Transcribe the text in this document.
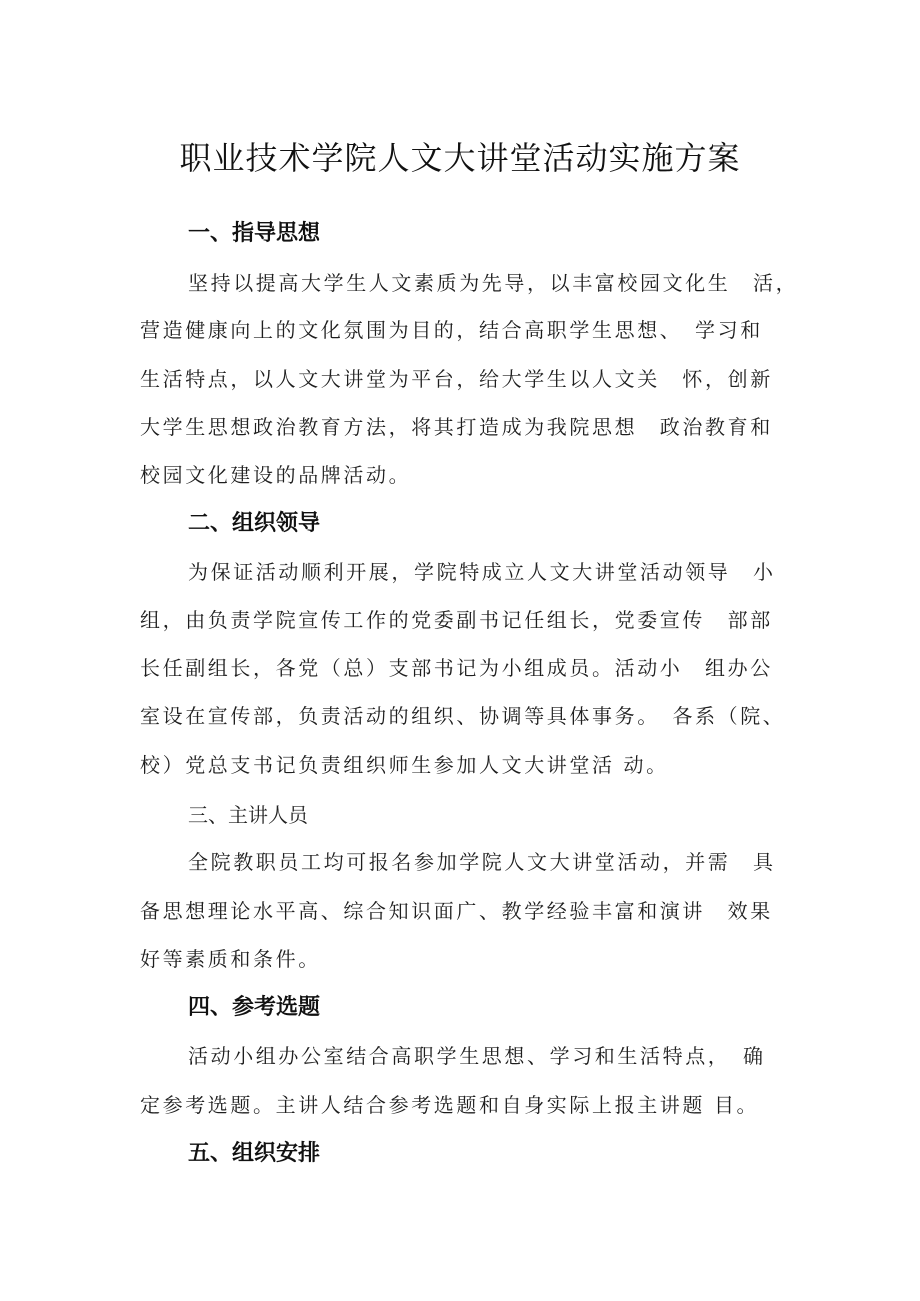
职业技术学院人文大讲堂活动实施方案
一、指导思想
坚持以提高大学生人文素质为先导，以丰富校园文化生　活，
营造健康向上的文化氛围为目的，结合高职学生思想、　学习和
生活特点，以人文大讲堂为平台，给大学生以人文关　怀，创新
大学生思想政治教育方法，将其打造成为我院思想　政治教育和
校园文化建设的品牌活动。
二、组织领导
为保证活动顺利开展，学院特成立人文大讲堂活动领导　小
组，由负责学院宣传工作的党委副书记任组长，党委宣传　部部
长任副组长，各党（总）支部书记为小组成员。活动小　组办公
室设在宣传部，负责活动的组织、协调等具体事务。　各系（院、
校）党总支书记负责组织师生参加人文大讲堂活 动。
三、主讲人员
全院教职员工均可报名参加学院人文大讲堂活动，并需　具
备思想理论水平高、综合知识面广、教学经验丰富和演讲　效果
好等素质和条件。
四、参考选题
活动小组办公室结合高职学生思想、学习和生活特点，　确
定参考选题。主讲人结合参考选题和自身实际上报主讲题 目。
五、组织安排
